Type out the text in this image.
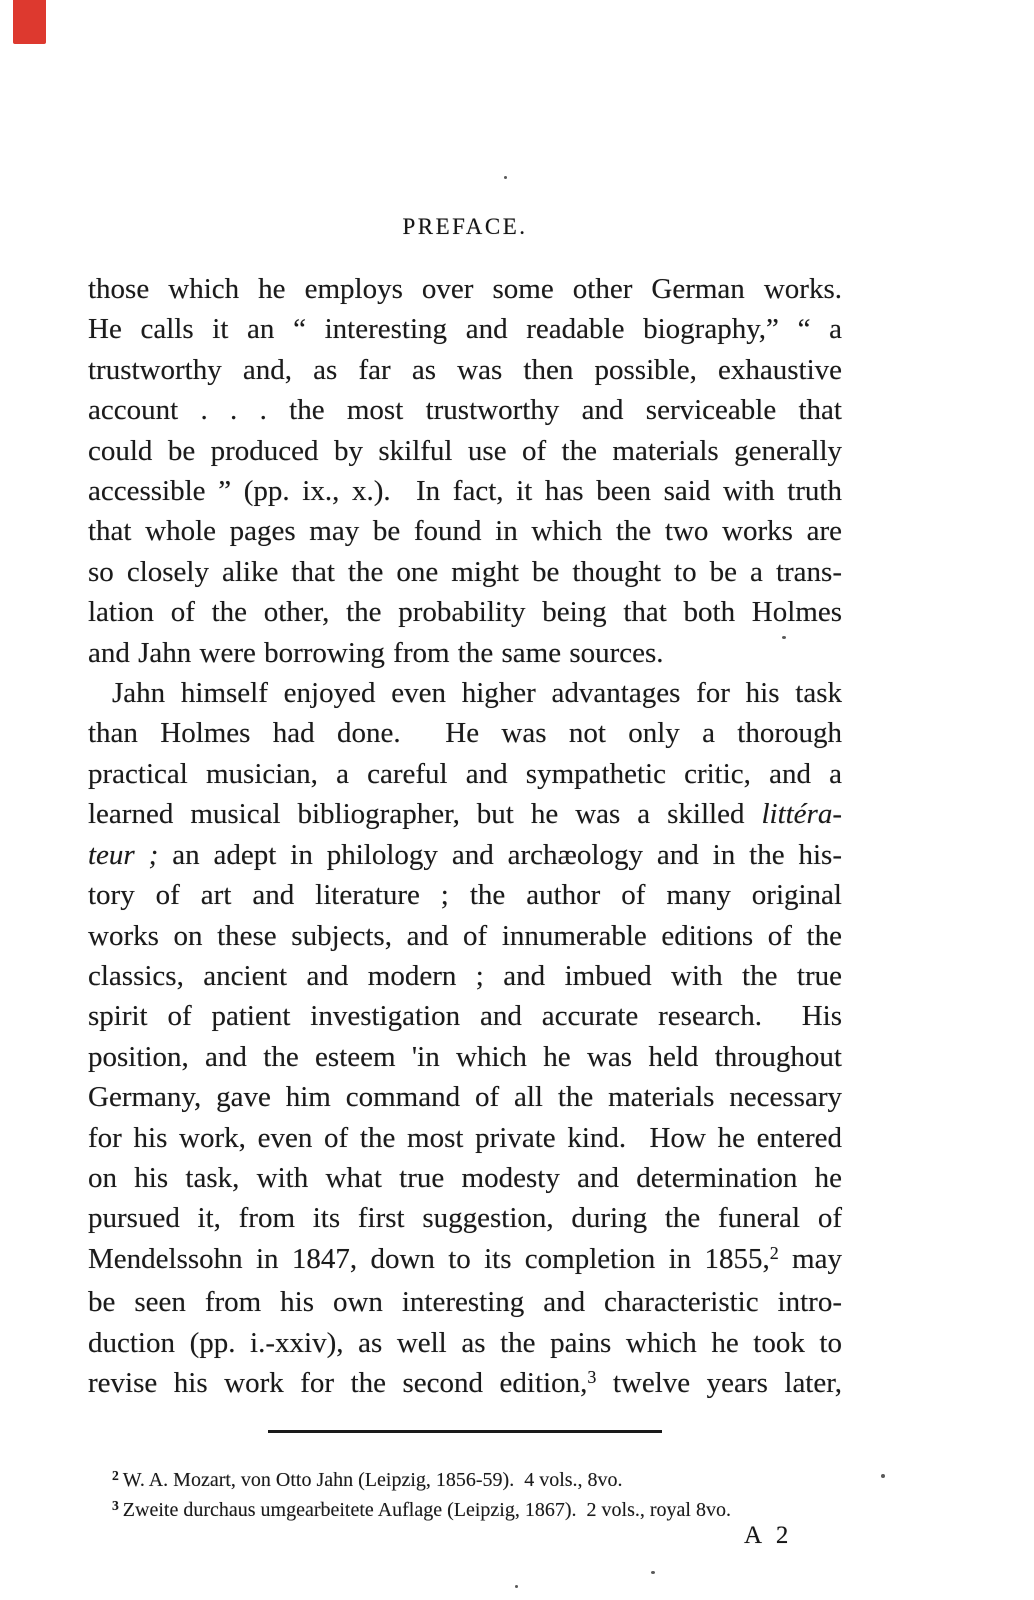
PREFACE.
those which he employs over some other German works.
He calls it an “ interesting and readable biography,” “ a
trustworthy and, as far as was then possible, exhaustive
account . . . the most trustworthy and serviceable that
could be produced by skilful use of the materials generally
accessible ” (pp. ix., x.).  In fact, it has been said with truth
that whole pages may be found in which the two works are
so closely alike that the one might be thought to be a trans-
lation of the other, the probability being that both Holmes
and Jahn were borrowing from the same sources.
Jahn himself enjoyed even higher advantages for his task
than Holmes had done.  He was not only a thorough
practical musician, a careful and sympathetic critic, and a
learned musical bibliographer, but he was a skilled littéra-
teur ; an adept in philology and archæology and in the his-
tory of art and literature ; the author of many original
works on these subjects, and of innumerable editions of the
classics, ancient and modern ; and imbued with the true
spirit of patient investigation and accurate research.  His
position, and the esteem 'in which he was held throughout
Germany, gave him command of all the materials necessary
for his work, even of the most private kind.  How he entered
on his task, with what true modesty and determination he
pursued it, from its first suggestion, during the funeral of
Mendelssohn in 1847, down to its completion in 1855,$^2$ may
be seen from his own interesting and characteristic intro-
duction (pp. i.-xxiv), as well as the pains which he took to
revise his work for the second edition,$^3$ twelve years later,
$^2$ W. A. Mozart, von Otto Jahn (Leipzig, 1856-59).  4 vols., 8vo.
$^3$ Zweite durchaus umgearbeitete Auflage (Leipzig, 1867).  2 vols., royal 8vo.
A 2
